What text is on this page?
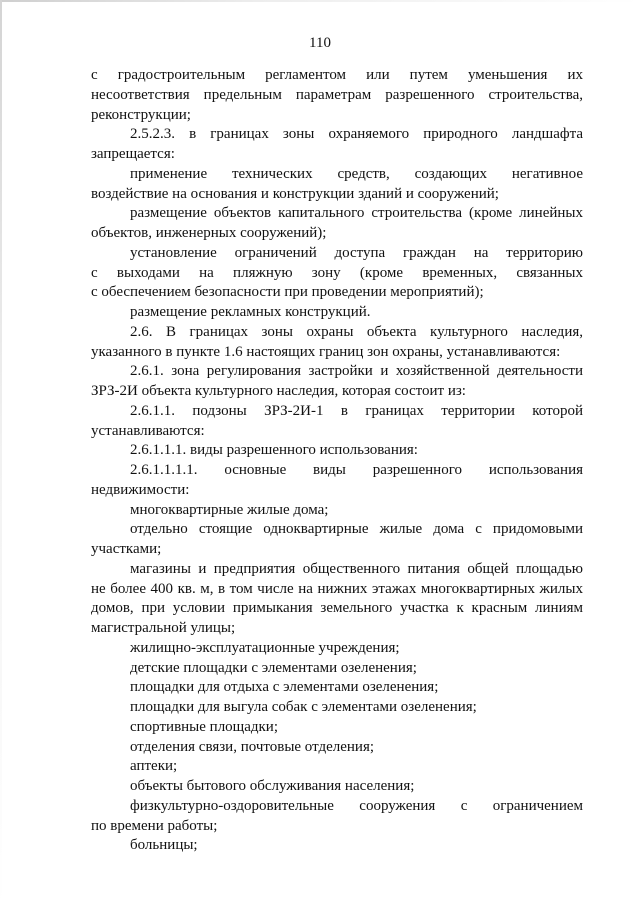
110
с градостроительным регламентом или путем уменьшения их
несоответствия предельным параметрам разрешенного строительства,
реконструкции;
2.5.2.3. в границах зоны охраняемого природного ландшафта
запрещается:
применение технических средств, создающих негативное
воздействие на основания и конструкции зданий и сооружений;
размещение объектов капитального строительства (кроме линейных
объектов, инженерных сооружений);
установление ограничений доступа граждан на территорию
с выходами на пляжную зону (кроме временных, связанных
с обеспечением безопасности при проведении мероприятий);
размещение рекламных конструкций.
2.6. В границах зоны охраны объекта культурного наследия,
указанного в пункте 1.6 настоящих границ зон охраны, устанавливаются:
2.6.1. зона регулирования застройки и хозяйственной деятельности
ЗРЗ-2И объекта культурного наследия, которая состоит из:
2.6.1.1. подзоны ЗРЗ-2И-1 в границах территории которой
устанавливаются:
2.6.1.1.1. виды разрешенного использования:
2.6.1.1.1.1. основные виды разрешенного использования
недвижимости:
многоквартирные жилые дома;
отдельно стоящие одноквартирные жилые дома с придомовыми
участками;
магазины и предприятия общественного питания общей площадью
не более 400 кв. м, в том числе на нижних этажах многоквартирных жилых
домов, при условии примыкания земельного участка к красным линиям
магистральной улицы;
жилищно-эксплуатационные учреждения;
детские площадки с элементами озеленения;
площадки для отдыха с элементами озеленения;
площадки для выгула собак с элементами озеленения;
спортивные площадки;
отделения связи, почтовые отделения;
аптеки;
объекты бытового обслуживания населения;
физкультурно-оздоровительные сооружения с ограничением
по времени работы;
больницы;
